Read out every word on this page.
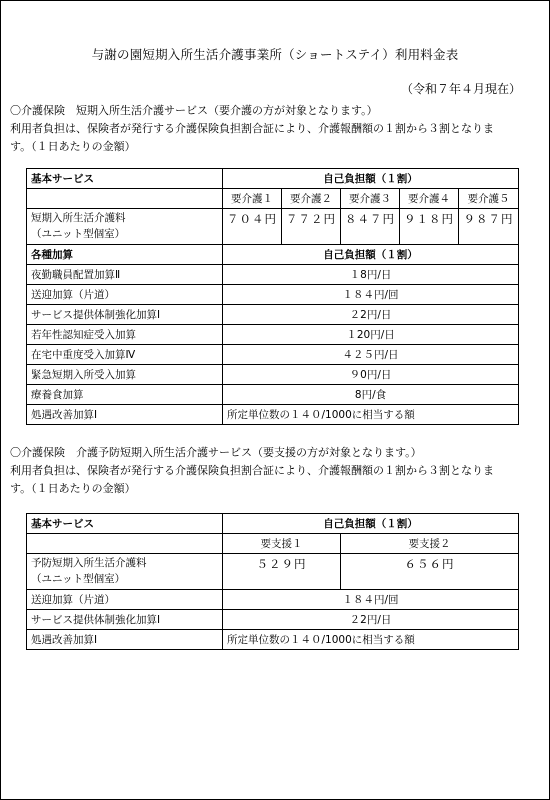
与謝の園短期入所生活介護事業所（ショートステイ）利用料金表
（令和７年４月現在）
〇介護保険　短期入所生活介護サービス（要介護の方が対象となります。）
利用者負担は、保険者が発行する介護保険負担割合証により、介護報酬額の１割から３割となりま
す。（１日あたりの金額）
基本サービス	自己負担額（１割）				
	要介護１	要介護２	要介護３	要介護４	要介護５

短期入所生活介護料
（ユニット型個室）	７０４円	７７２円	８４７円	９１８円	９８７円
各種加算	自己負担額（１割）				
夜勤職員配置加算Ⅱ	１8円/日				
送迎加算（片道）	１８４円/回				
サービス提供体制強化加算Ⅰ	２2円/日				
若年性認知症受入加算	１20円/日				
在宅中重度受入加算Ⅳ	４２５円/日				
緊急短期入所受入加算	９0円/日				
療養食加算	8円/食				
処遇改善加算Ⅰ	所定単位数の１４０/1000に相当する額				
〇介護保険　介護予防短期入所生活介護サービス（要支援の方が対象となります。）
利用者負担は、保険者が発行する介護保険負担割合証により、介護報酬額の１割から３割となりま
す。（１日あたりの金額）
基本サービス	自己負担額（１割）	
	要支援１	要支援２

予防短期入所生活介護料
（ユニット型個室）	５２９円	６５６円
送迎加算（片道）	１８４円/回	
サービス提供体制強化加算Ⅰ	２2円/日	
処遇改善加算Ⅰ	所定単位数の１４０/1000に相当する額	
